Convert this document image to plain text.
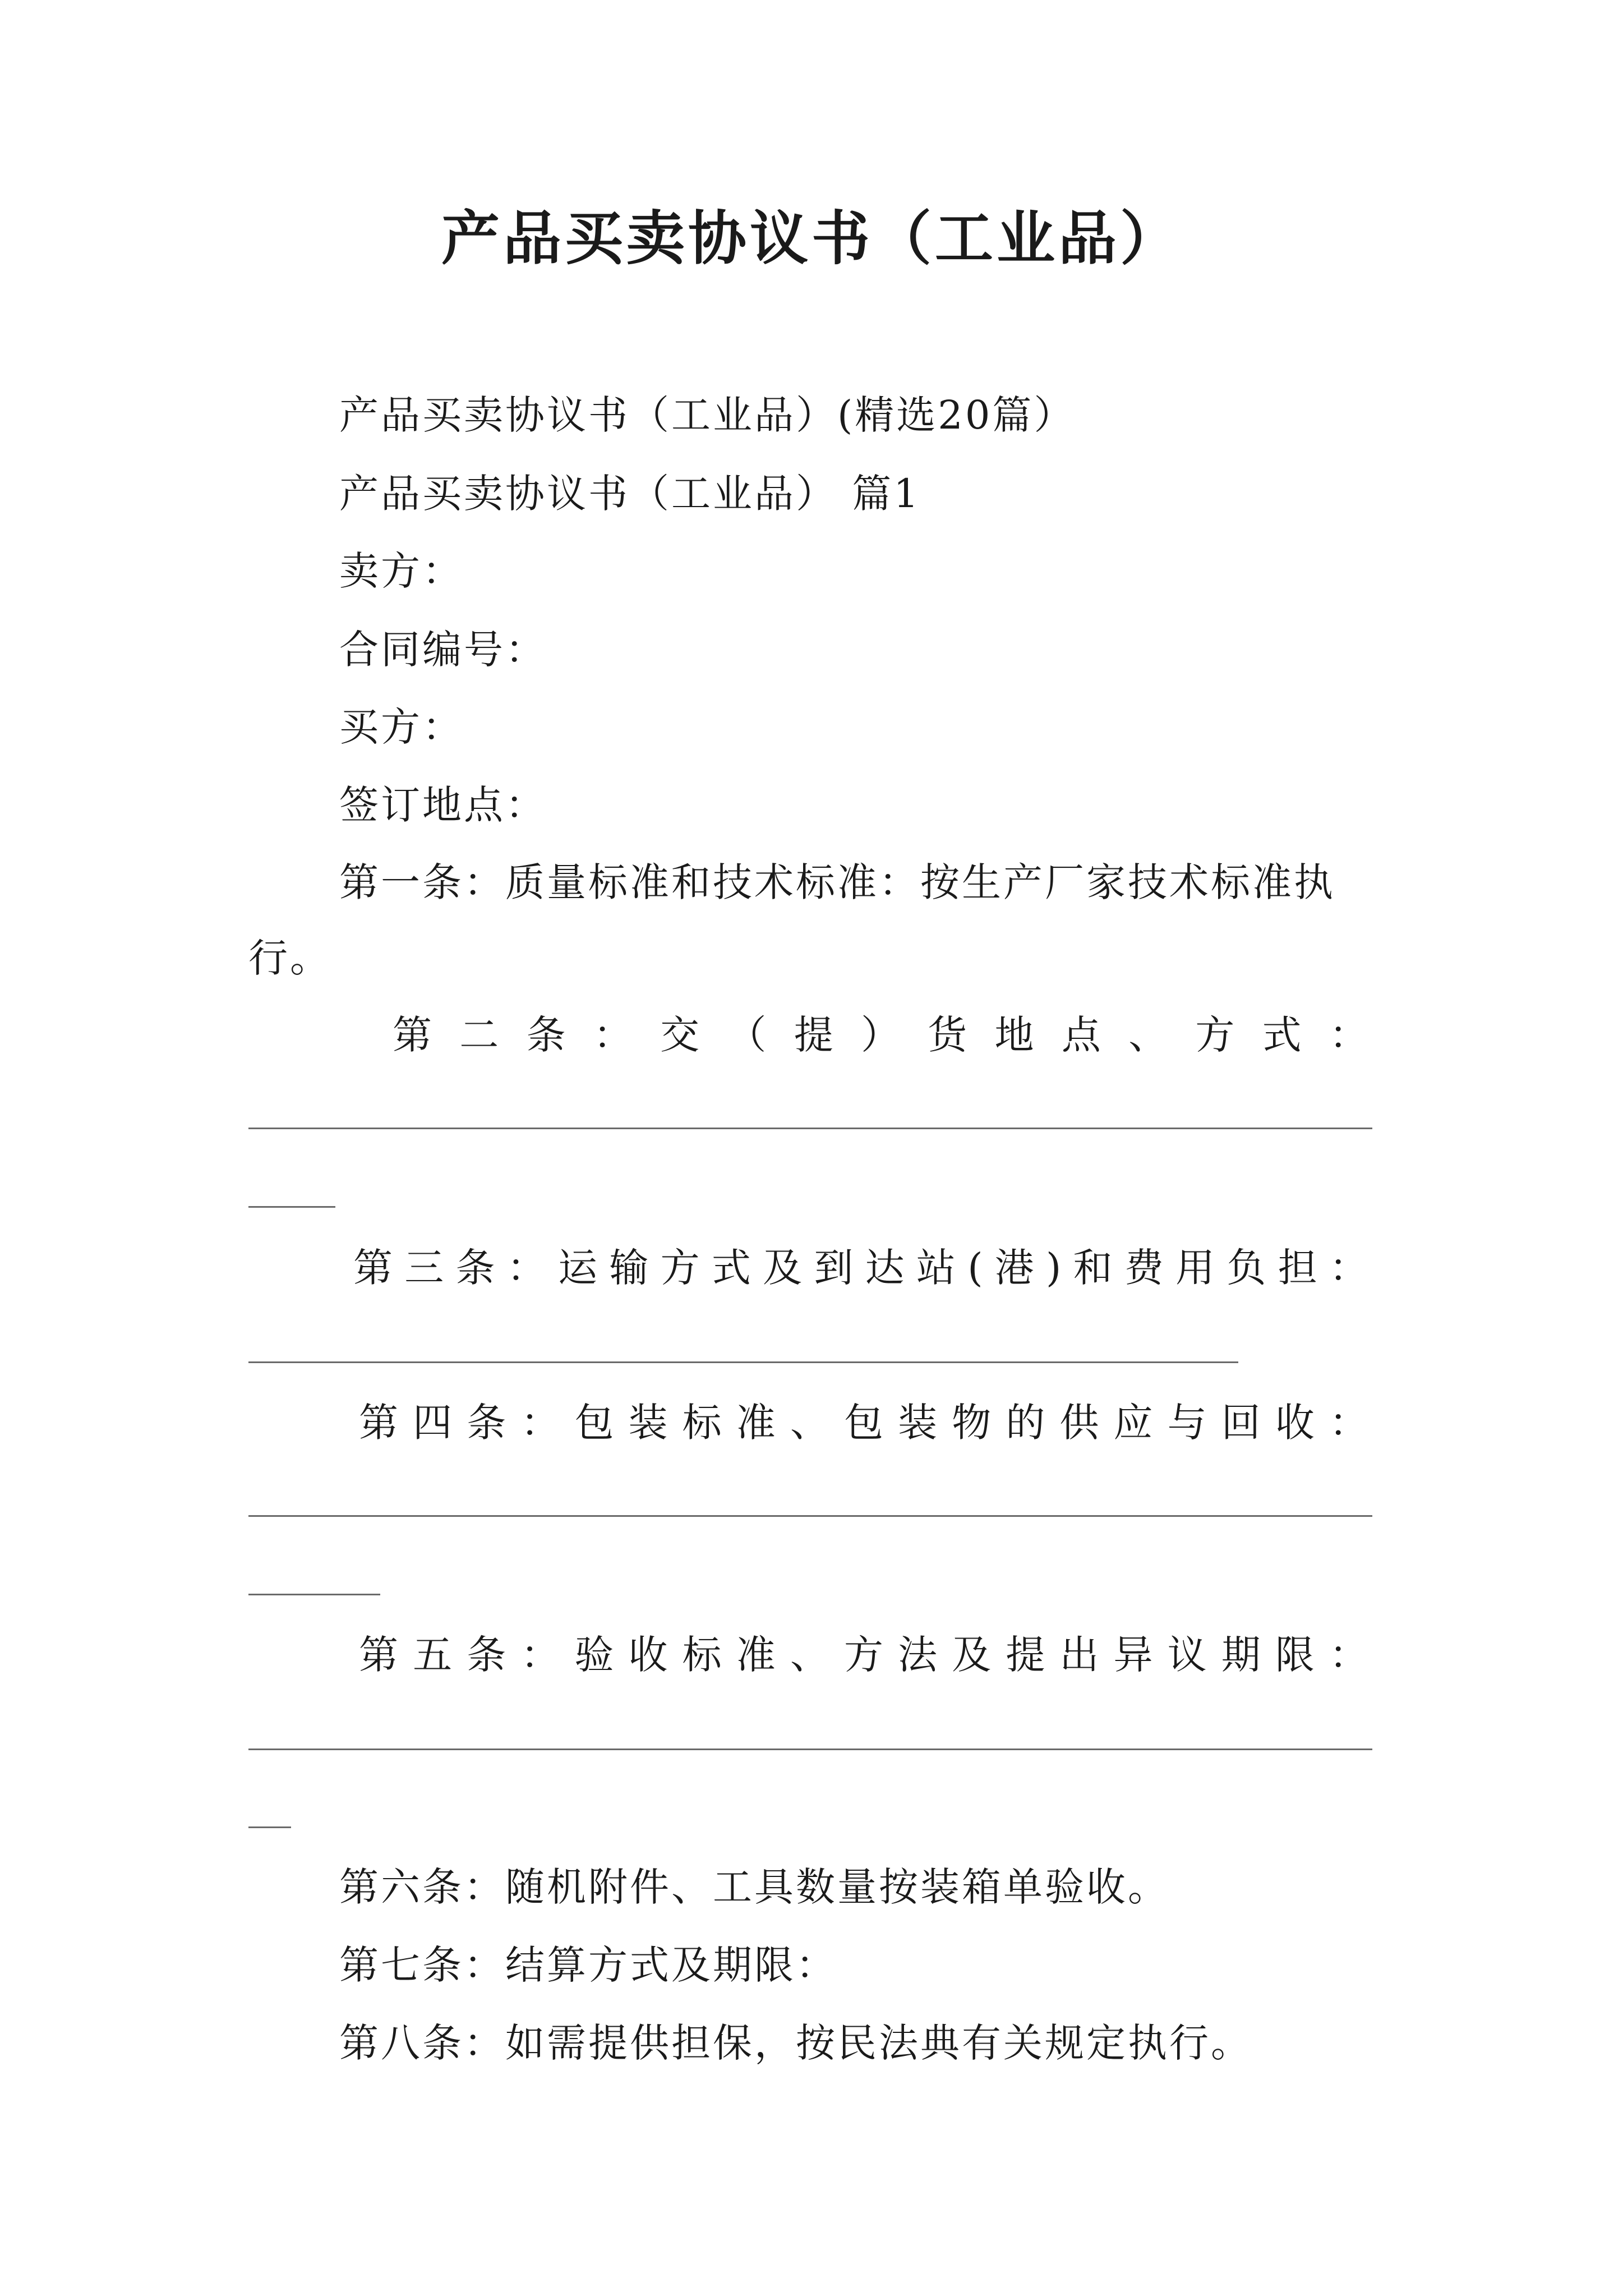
产品买卖协议书（工业品）
产品买卖协议书（工业品）(精选20篇）
产品买卖协议书（工业品） 篇1
卖方：
合同编号：
买方：
签订地点：
第一条：质量标准和技术标准：按生产厂家技术标准执
行。
第 二 条 ： 交 （ 提 ） 货 地 点 、 方 式 ：
第 三 条 ： 运 输 方 式 及 到 达 站 ( 港 ) 和 费 用 负 担 ：
第 四 条 ： 包 装 标 准 、 包 装 物 的 供 应 与 回 收 ：
第 五 条 ： 验 收 标 准 、 方 法 及 提 出 异 议 期 限 ：
第六条：随机附件、工具数量按装箱单验收。
第七条：结算方式及期限：
第八条：如需提供担保，按民法典有关规定执行。
